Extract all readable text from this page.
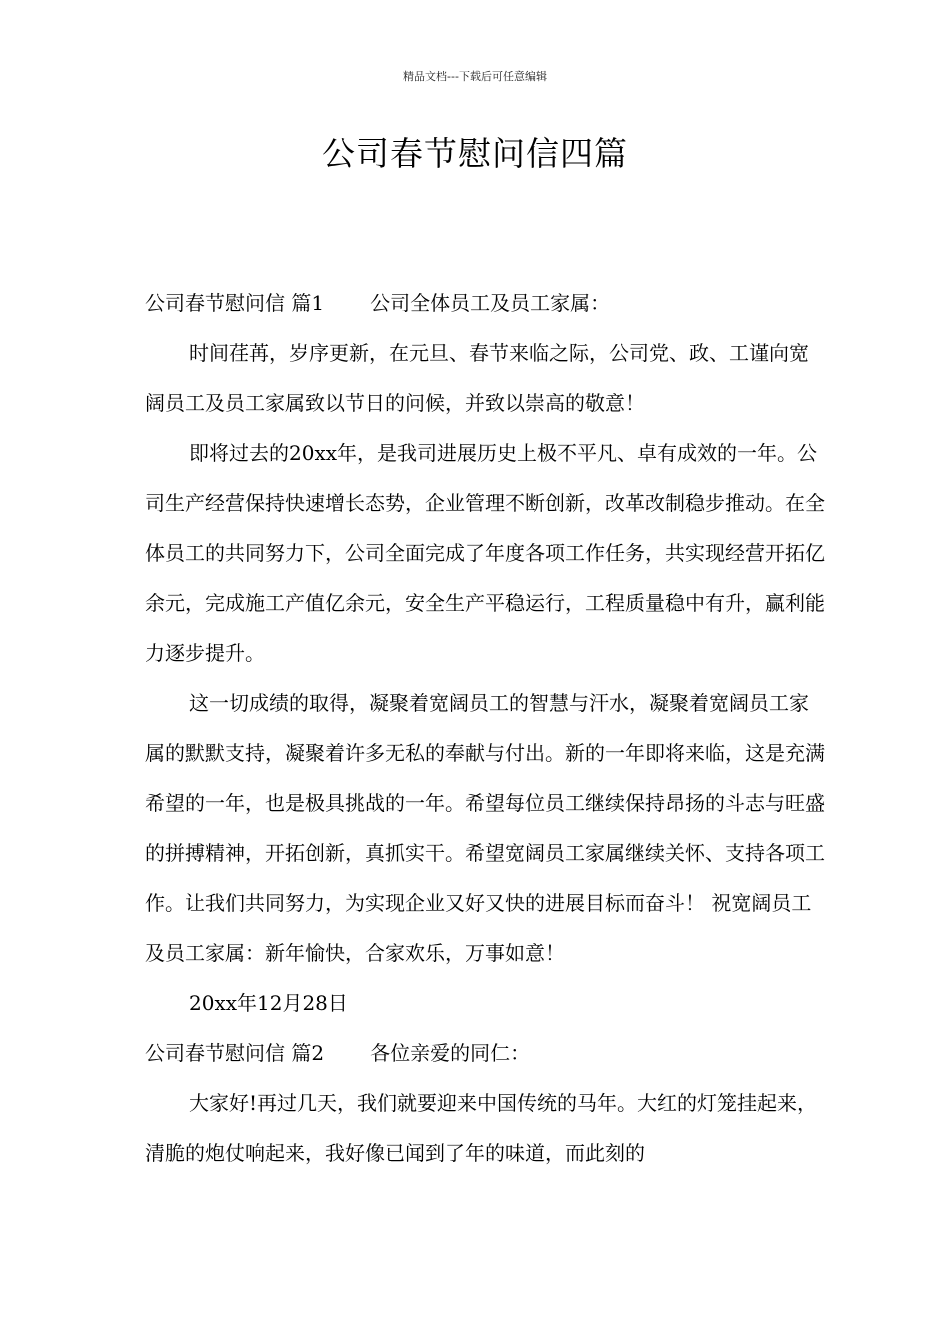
精品文档---下载后可任意编辑
公司春节慰问信四篇

公司春节慰问信 篇1 公司全体员工及员工家属：

时间荏苒，岁序更新，在元旦、春节来临之际，公司党、政、工谨向宽阔员工及员工家属致以节日的问候，并致以崇高的敬意！

即将过去的20xx年，是我司进展历史上极不平凡、卓有成效的一年。公司生产经营保持快速增长态势，企业管理不断创新，改革改制稳步推动。在全体员工的共同努力下，公司全面完成了年度各项工作任务，共实现经营开拓亿余元，完成施工产值亿余元，安全生产平稳运行，工程质量稳中有升，赢利能力逐步提升。

这一切成绩的取得，凝聚着宽阔员工的智慧与汗水，凝聚着宽阔员工家属的默默支持，凝聚着许多无私的奉献与付出。新的一年即将来临，这是充满希望的一年，也是极具挑战的一年。希望每位员工继续保持昂扬的斗志与旺盛的拼搏精神，开拓创新，真抓实干。希望宽阔员工家属继续关怀、支持各项工作。让我们共同努力，为实现企业又好又快的进展目标而奋斗！ 祝宽阔员工及员工家属：新年愉快，合家欢乐，万事如意！

20xx年12月28日

公司春节慰问信 篇2 各位亲爱的同仁：

大家好!再过几天，我们就要迎来中国传统的马年。大红的灯笼挂起来，清脆的炮仗响起来，我好像已闻到了年的味道，而此刻的
